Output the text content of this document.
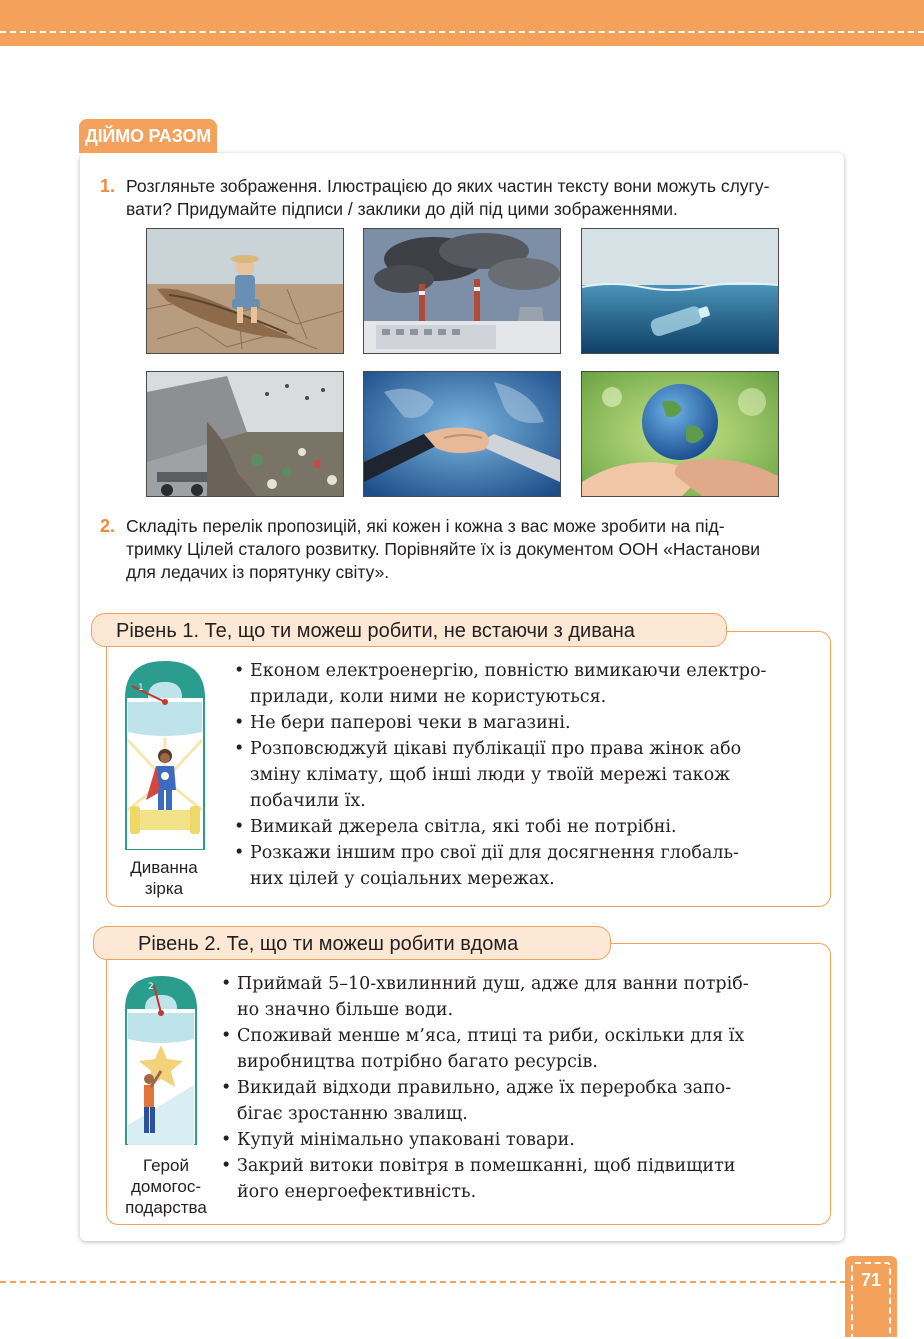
ДІЙМО РАЗОМ
1. Розгляньте зображення. Ілюстрацією до яких частин тексту вони можуть слугу-
вати? Придумайте підписи / заклики до дій під цими зображеннями.
2. Складіть перелік пропозицій, які кожен і кожна з вас може зробити на під-
тримку Цілей сталого розвитку. Порівняйте їх із документом ООН «Настанови
для ледачих із порятунку світу».
Рівень 1. Те, що ти можеш робити, не встаючи з дивана
1
Диванна
зірка
• Економ електроенергію, повністю вимикаючи електро-
прилади, коли ними не користуються.
• Не бери паперові чеки в магазині.
• Розповсюджуй цікаві публікації про права жінок або
зміну клімату, щоб інші люди у твоїй мережі також
побачили їх.
• Вимикай джерела світла, які тобі не потрібні.
• Розкажи іншим про свої дії для досягнення глобаль-
них цілей у соціальних мережах.
Рівень 2. Те, що ти можеш робити вдома
2
Герой
домогос-
подарства
• Приймай 5–10-хвилинний душ, адже для ванни потріб-
но значно більше води.
• Споживай менше м’яса, птиці та риби, оскільки для їх
виробництва потрібно багато ресурсів.
• Викидай відходи правильно, адже їх переробка запо-
бігає зростанню звалищ.
• Купуй мінімально упаковані товари.
• Закрий витоки повітря в помешканні, щоб підвищити
його енергоефективність.
71
